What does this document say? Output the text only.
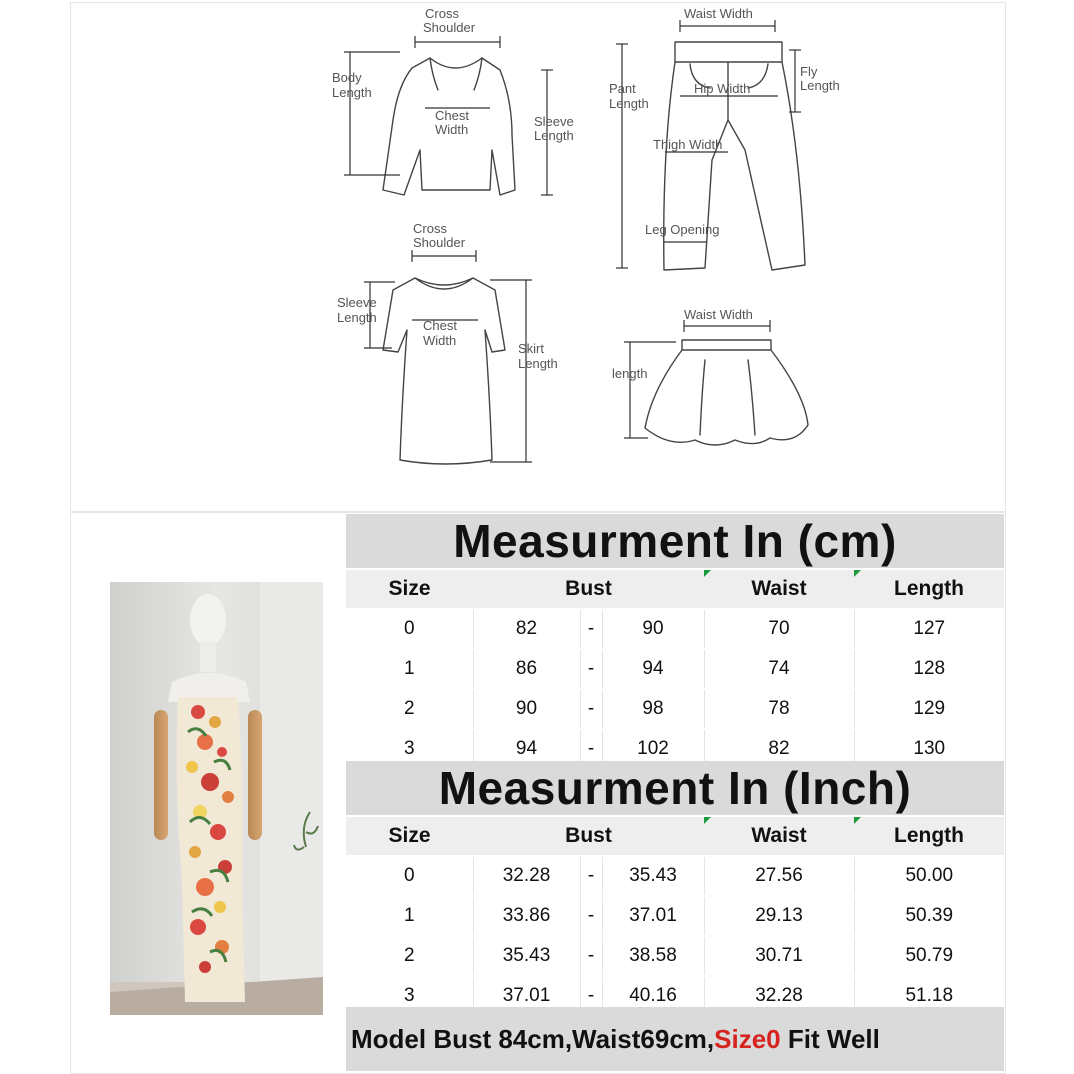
Cross
Shoulder
Body
Length
Chest
Width
Sleeve
Length
Waist Width
Pant
Length
Fly
Length
Hip Width
Thigh Width
Leg Opening
Cross
Shoulder
Sleeve
Length
Chest
Width
Skirt
Length
Waist Width
length
Measurment In (cm)					
Size	Bust			Waist	Length
0	82	-	90	70	127
1	86	-	94	74	128
2	90	-	98	78	129
3	94	-	102	82	130
Measurment In (Inch)					
Size	Bust			Waist	Length
0	32.28	-	35.43	27.56	50.00
1	33.86	-	37.01	29.13	50.39
2	35.43	-	38.58	30.71	50.79
3	37.01	-	40.16	32.28	51.18
Model Bust 84cm,Waist69cm,Size0 Fit Well
